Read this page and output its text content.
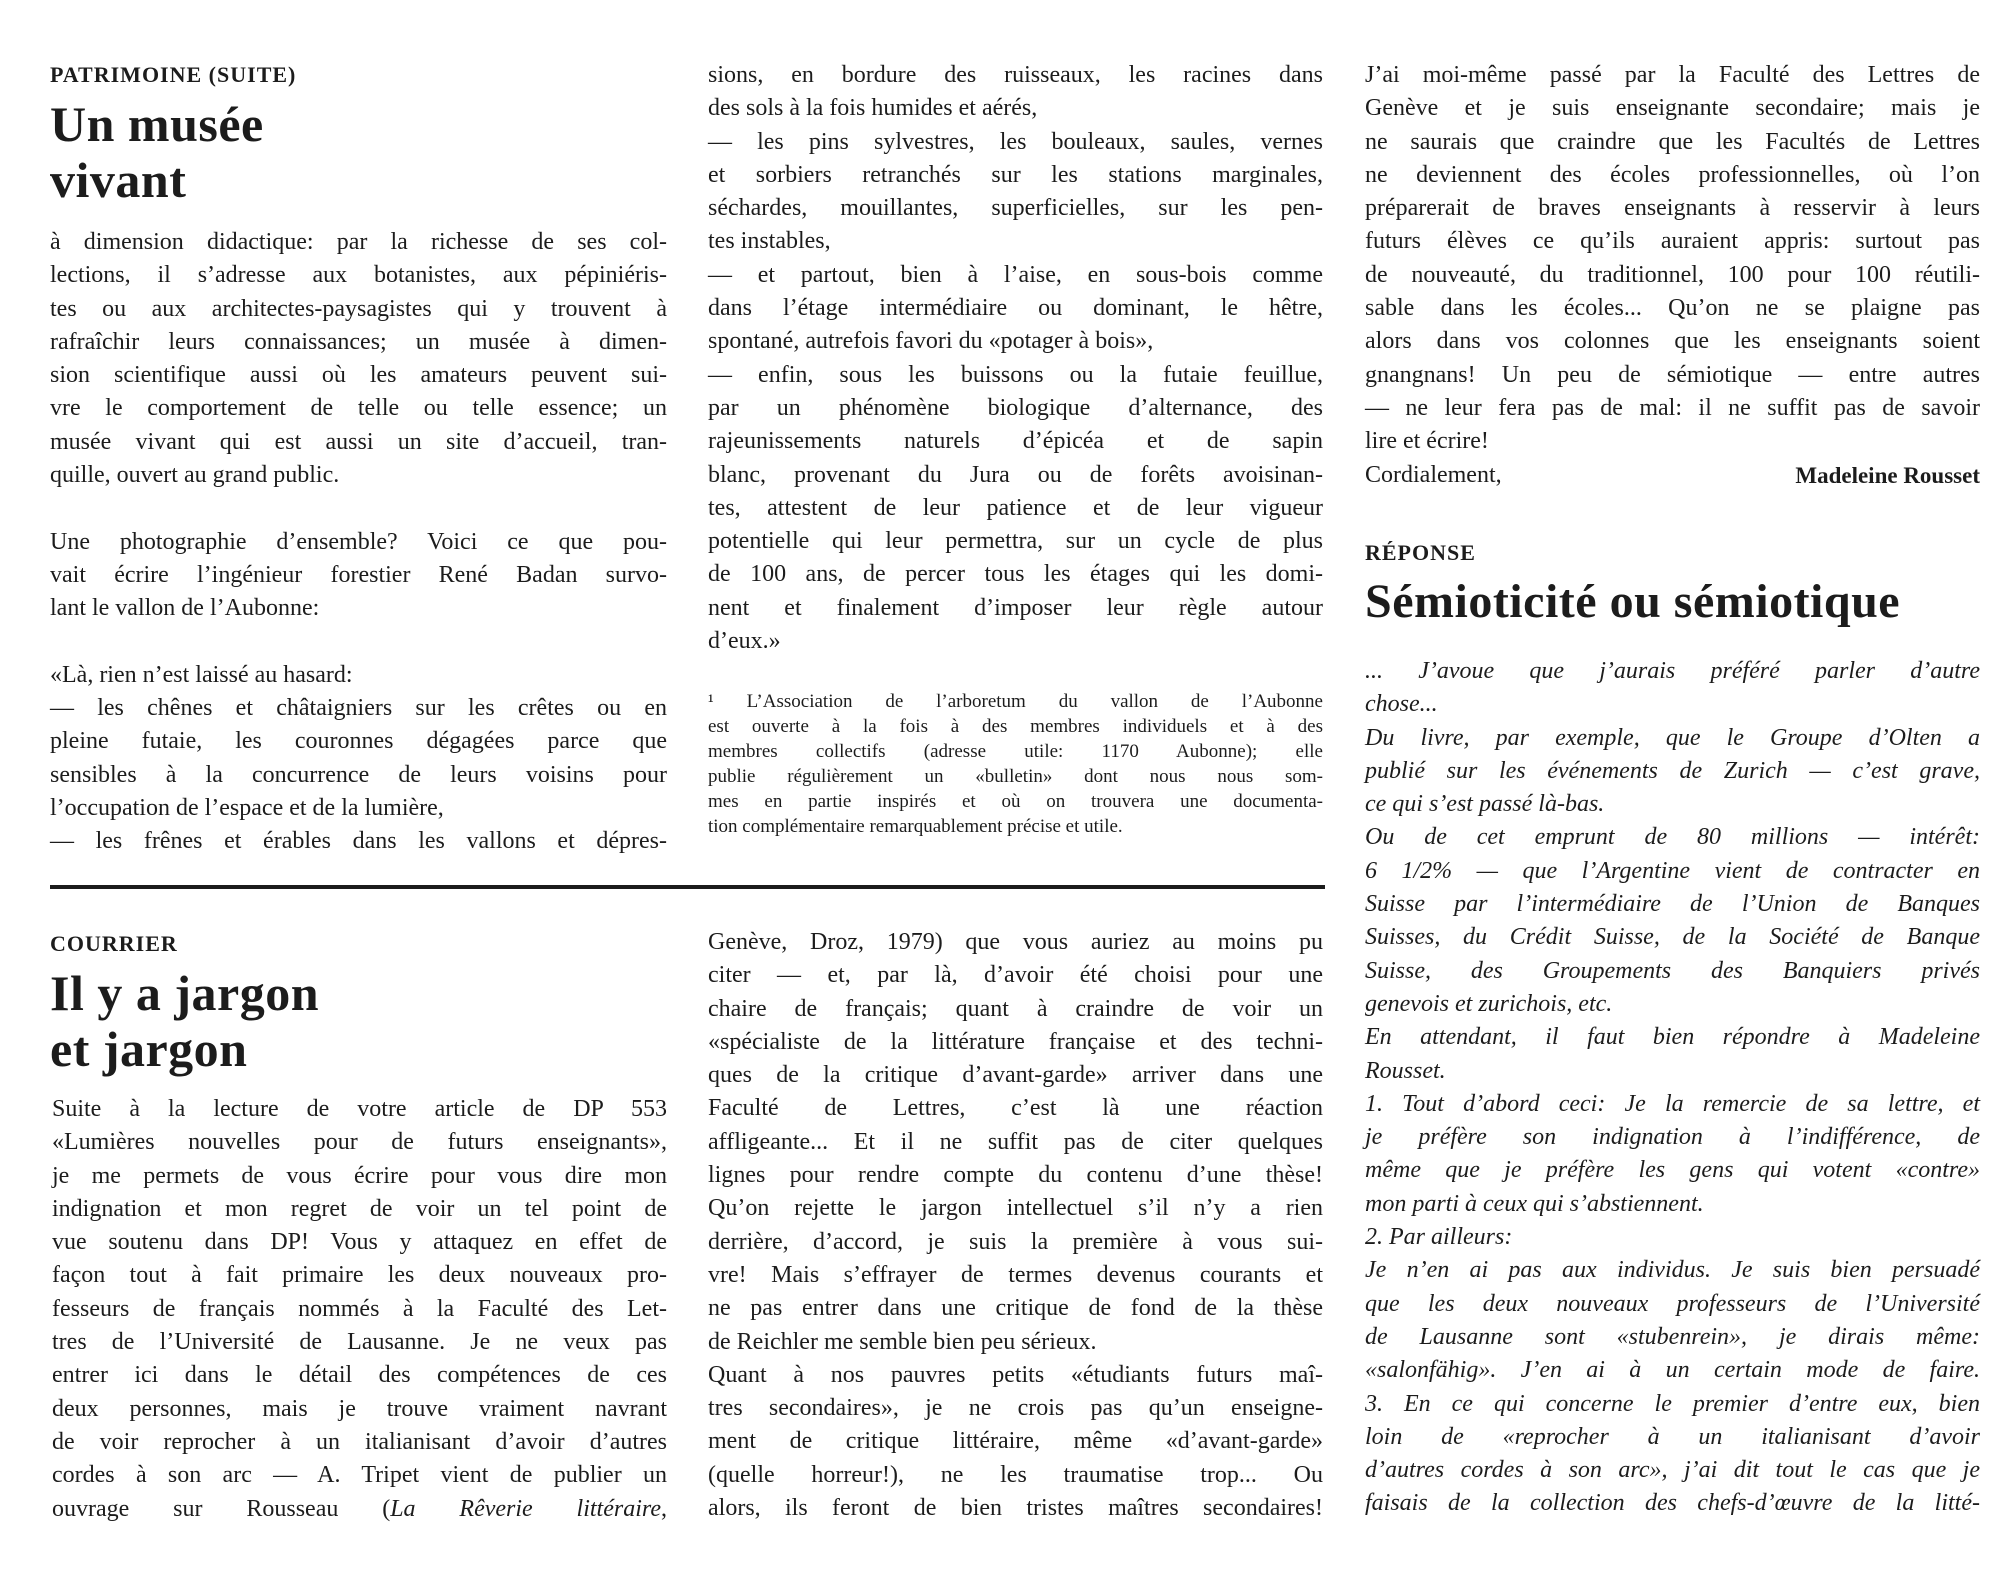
PATRIMOINE (SUITE)
Un musée
vivant
à dimension didactique: par la richesse de ses col-
lections, il s’adresse aux botanistes, aux pépiniéris-
tes ou aux architectes-paysagistes qui y trouvent à
rafraîchir leurs connaissances; un musée à dimen-
sion scientifique aussi où les amateurs peuvent sui-
vre le comportement de telle ou telle essence; un
musée vivant qui est aussi un site d’accueil, tran-
quille, ouvert au grand public.
Une photographie d’ensemble? Voici ce que pou-
vait écrire l’ingénieur forestier René Badan survo-
lant le vallon de l’Aubonne:
«Là, rien n’est laissé au hasard:
— les chênes et châtaigniers sur les crêtes ou en
pleine futaie, les couronnes dégagées parce que
sensibles à la concurrence de leurs voisins pour
l’occupation de l’espace et de la lumière,
— les frênes et érables dans les vallons et dépres-
sions, en bordure des ruisseaux, les racines dans
des sols à la fois humides et aérés,
— les pins sylvestres, les bouleaux, saules, vernes
et sorbiers retranchés sur les stations marginales,
séchardes, mouillantes, superficielles, sur les pen-
tes instables,
— et partout, bien à l’aise, en sous-bois comme
dans l’étage intermédiaire ou dominant, le hêtre,
spontané, autrefois favori du «potager à bois»,
— enfin, sous les buissons ou la futaie feuillue,
par un phénomène biologique d’alternance, des
rajeunissements naturels d’épicéa et de sapin
blanc, provenant du Jura ou de forêts avoisinan-
tes, attestent de leur patience et de leur vigueur
potentielle qui leur permettra, sur un cycle de plus
de 100 ans, de percer tous les étages qui les domi-
nent et finalement d’imposer leur règle autour
d’eux.»
¹ L’Association de l’arboretum du vallon de l’Aubonne
est ouverte à la fois à des membres individuels et à des
membres collectifs (adresse utile: 1170 Aubonne); elle
publie régulièrement un «bulletin» dont nous nous som-
mes en partie inspirés et où on trouvera une documenta-
tion complémentaire remarquablement précise et utile.
COURRIER
Il y a jargon
et jargon
Suite à la lecture de votre article de DP 553
«Lumières nouvelles pour de futurs enseignants»,
je me permets de vous écrire pour vous dire mon
indignation et mon regret de voir un tel point de
vue soutenu dans DP! Vous y attaquez en effet de
façon tout à fait primaire les deux nouveaux pro-
fesseurs de français nommés à la Faculté des Let-
tres de l’Université de Lausanne. Je ne veux pas
entrer ici dans le détail des compétences de ces
deux personnes, mais je trouve vraiment navrant
de voir reprocher à un italianisant d’avoir d’autres
cordes à son arc — A. Tripet vient de publier un
ouvrage sur Rousseau (La Rêverie littéraire,
Genève, Droz, 1979) que vous auriez au moins pu
citer — et, par là, d’avoir été choisi pour une
chaire de français; quant à craindre de voir un
«spécialiste de la littérature française et des techni-
ques de la critique d’avant-garde» arriver dans une
Faculté de Lettres, c’est là une réaction
affligeante... Et il ne suffit pas de citer quelques
lignes pour rendre compte du contenu d’une thèse!
Qu’on rejette le jargon intellectuel s’il n’y a rien
derrière, d’accord, je suis la première à vous sui-
vre! Mais s’effrayer de termes devenus courants et
ne pas entrer dans une critique de fond de la thèse
de Reichler me semble bien peu sérieux.
Quant à nos pauvres petits «étudiants futurs maî-
tres secondaires», je ne crois pas qu’un enseigne-
ment de critique littéraire, même «d’avant-garde»
(quelle horreur!), ne les traumatise trop... Ou
alors, ils feront de bien tristes maîtres secondaires!
J’ai moi-même passé par la Faculté des Lettres de
Genève et je suis enseignante secondaire; mais je
ne saurais que craindre que les Facultés de Lettres
ne deviennent des écoles professionnelles, où l’on
préparerait de braves enseignants à resservir à leurs
futurs élèves ce qu’ils auraient appris: surtout pas
de nouveauté, du traditionnel, 100 pour 100 réutili-
sable dans les écoles... Qu’on ne se plaigne pas
alors dans vos colonnes que les enseignants soient
gnangnans! Un peu de sémiotique — entre autres
— ne leur fera pas de mal: il ne suffit pas de savoir
lire et écrire!
Cordialement,	Madeleine Rousset
RÉPONSE
Sémioticité ou sémiotique
... J’avoue que j’aurais préféré parler d’autre
chose...
Du livre, par exemple, que le Groupe d’Olten a
publié sur les événements de Zurich — c’est grave,
ce qui s’est passé là-bas.
Ou de cet emprunt de 80 millions — intérêt:
6 1/2% — que l’Argentine vient de contracter en
Suisse par l’intermédiaire de l’Union de Banques
Suisses, du Crédit Suisse, de la Société de Banque
Suisse, des Groupements des Banquiers privés
genevois et zurichois, etc.
En attendant, il faut bien répondre à Madeleine
Rousset.
1. Tout d’abord ceci: Je la remercie de sa lettre, et
je préfère son indignation à l’indifférence, de
même que je préfère les gens qui votent «contre»
mon parti à ceux qui s’abstiennent.
2. Par ailleurs:
Je n’en ai pas aux individus. Je suis bien persuadé
que les deux nouveaux professeurs de l’Université
de Lausanne sont «stubenrein», je dirais même:
«salonfähig». J’en ai à un certain mode de faire.
3. En ce qui concerne le premier d’entre eux, bien
loin de «reprocher à un italianisant d’avoir
d’autres cordes à son arc», j’ai dit tout le cas que je
faisais de la collection des chefs-d’œuvre de la litté-
